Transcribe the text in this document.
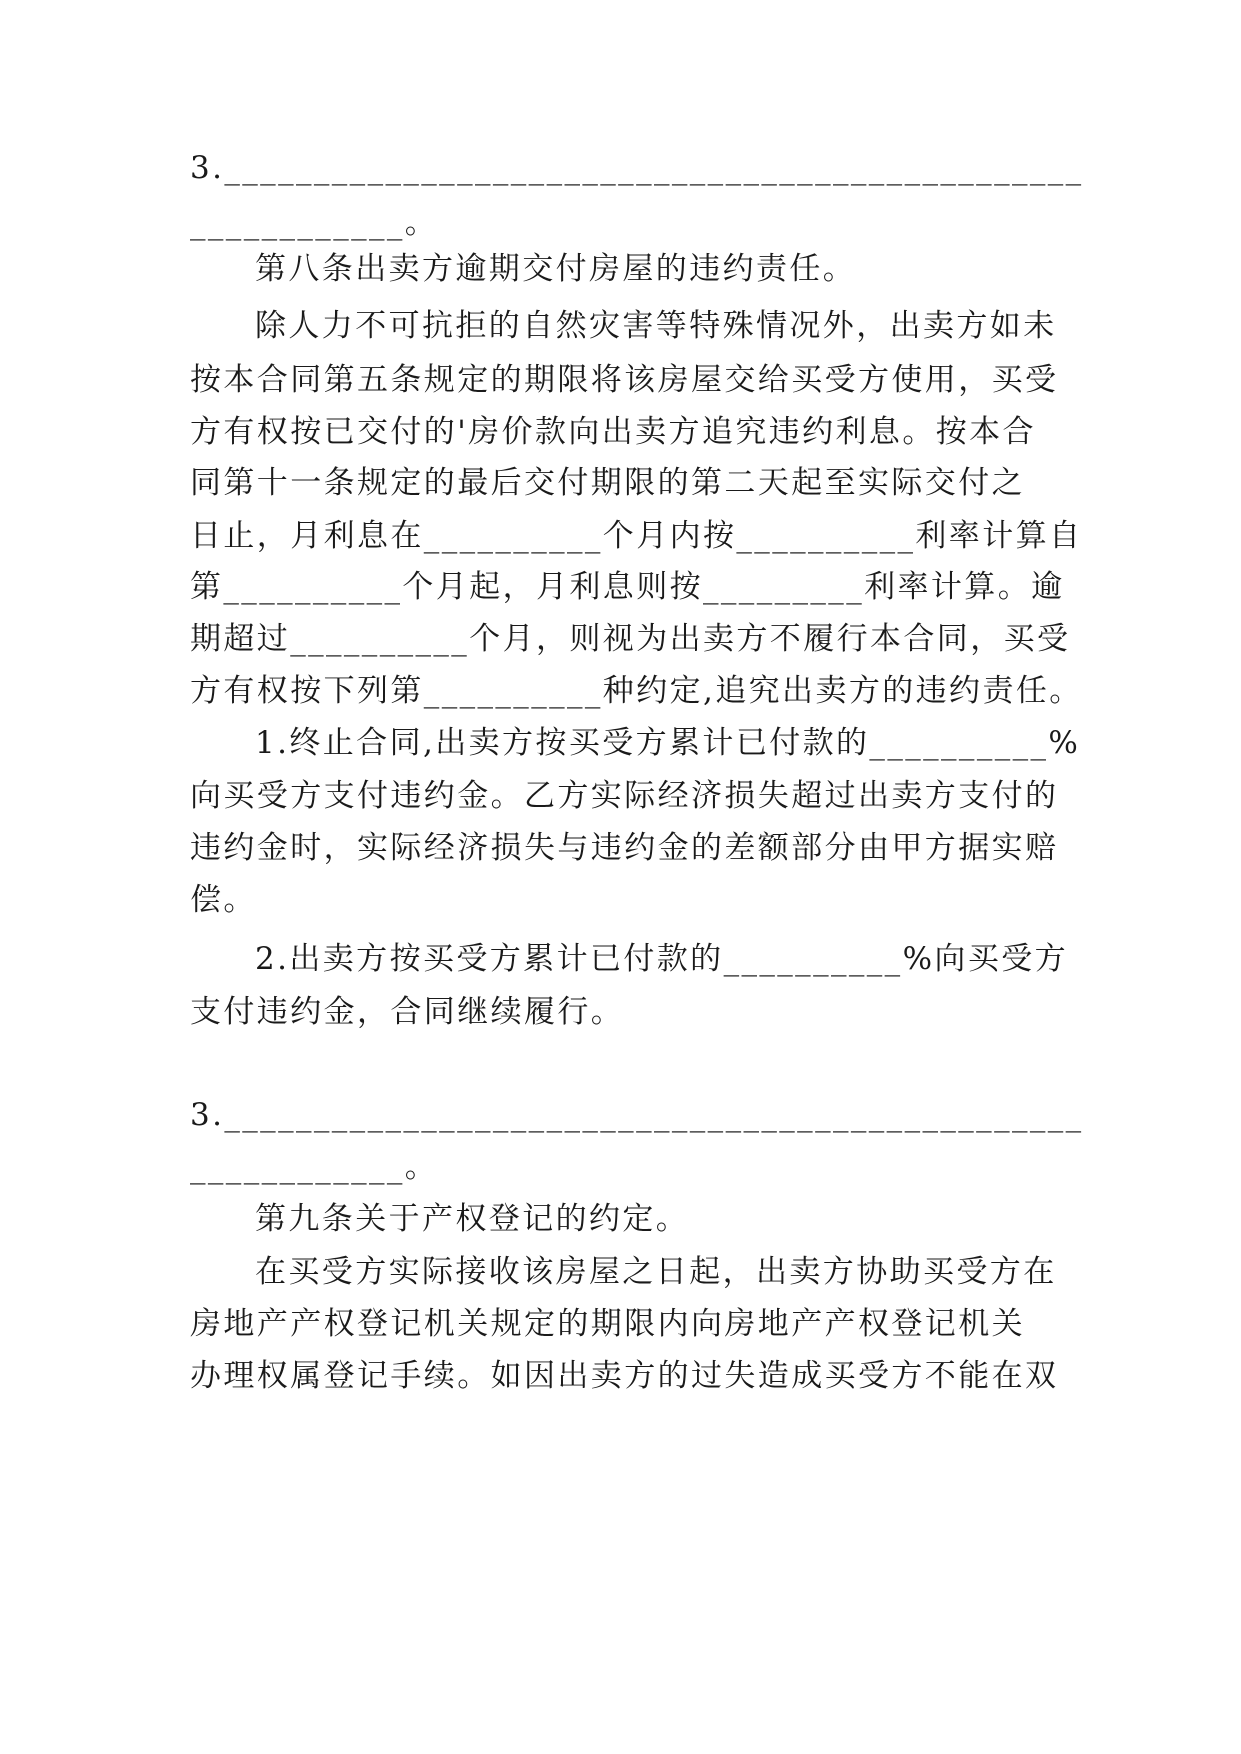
3.________________________________________________
____________。
第八条出卖方逾期交付房屋的违约责任。
除人力不可抗拒的自然灾害等特殊情况外，出卖方如未
按本合同第五条规定的期限将该房屋交给买受方使用，买受
方有权按已交付的'房价款向出卖方追究违约利息。按本合
同第十一条规定的最后交付期限的第二天起至实际交付之
日止，月利息在__________个月内按__________利率计算自
第__________个月起，月利息则按_________利率计算。逾
期超过__________个月，则视为出卖方不履行本合同，买受
方有权按下列第__________种约定,追究出卖方的违约责任。
1.终止合同,出卖方按买受方累计已付款的__________%
向买受方支付违约金。乙方实际经济损失超过出卖方支付的
违约金时，实际经济损失与违约金的差额部分由甲方据实赔
偿。
2.出卖方按买受方累计已付款的__________%向买受方
支付违约金，合同继续履行。
3.________________________________________________
____________。
第九条关于产权登记的约定。
在买受方实际接收该房屋之日起，出卖方协助买受方在
房地产产权登记机关规定的期限内向房地产产权登记机关
办理权属登记手续。如因出卖方的过失造成买受方不能在双
